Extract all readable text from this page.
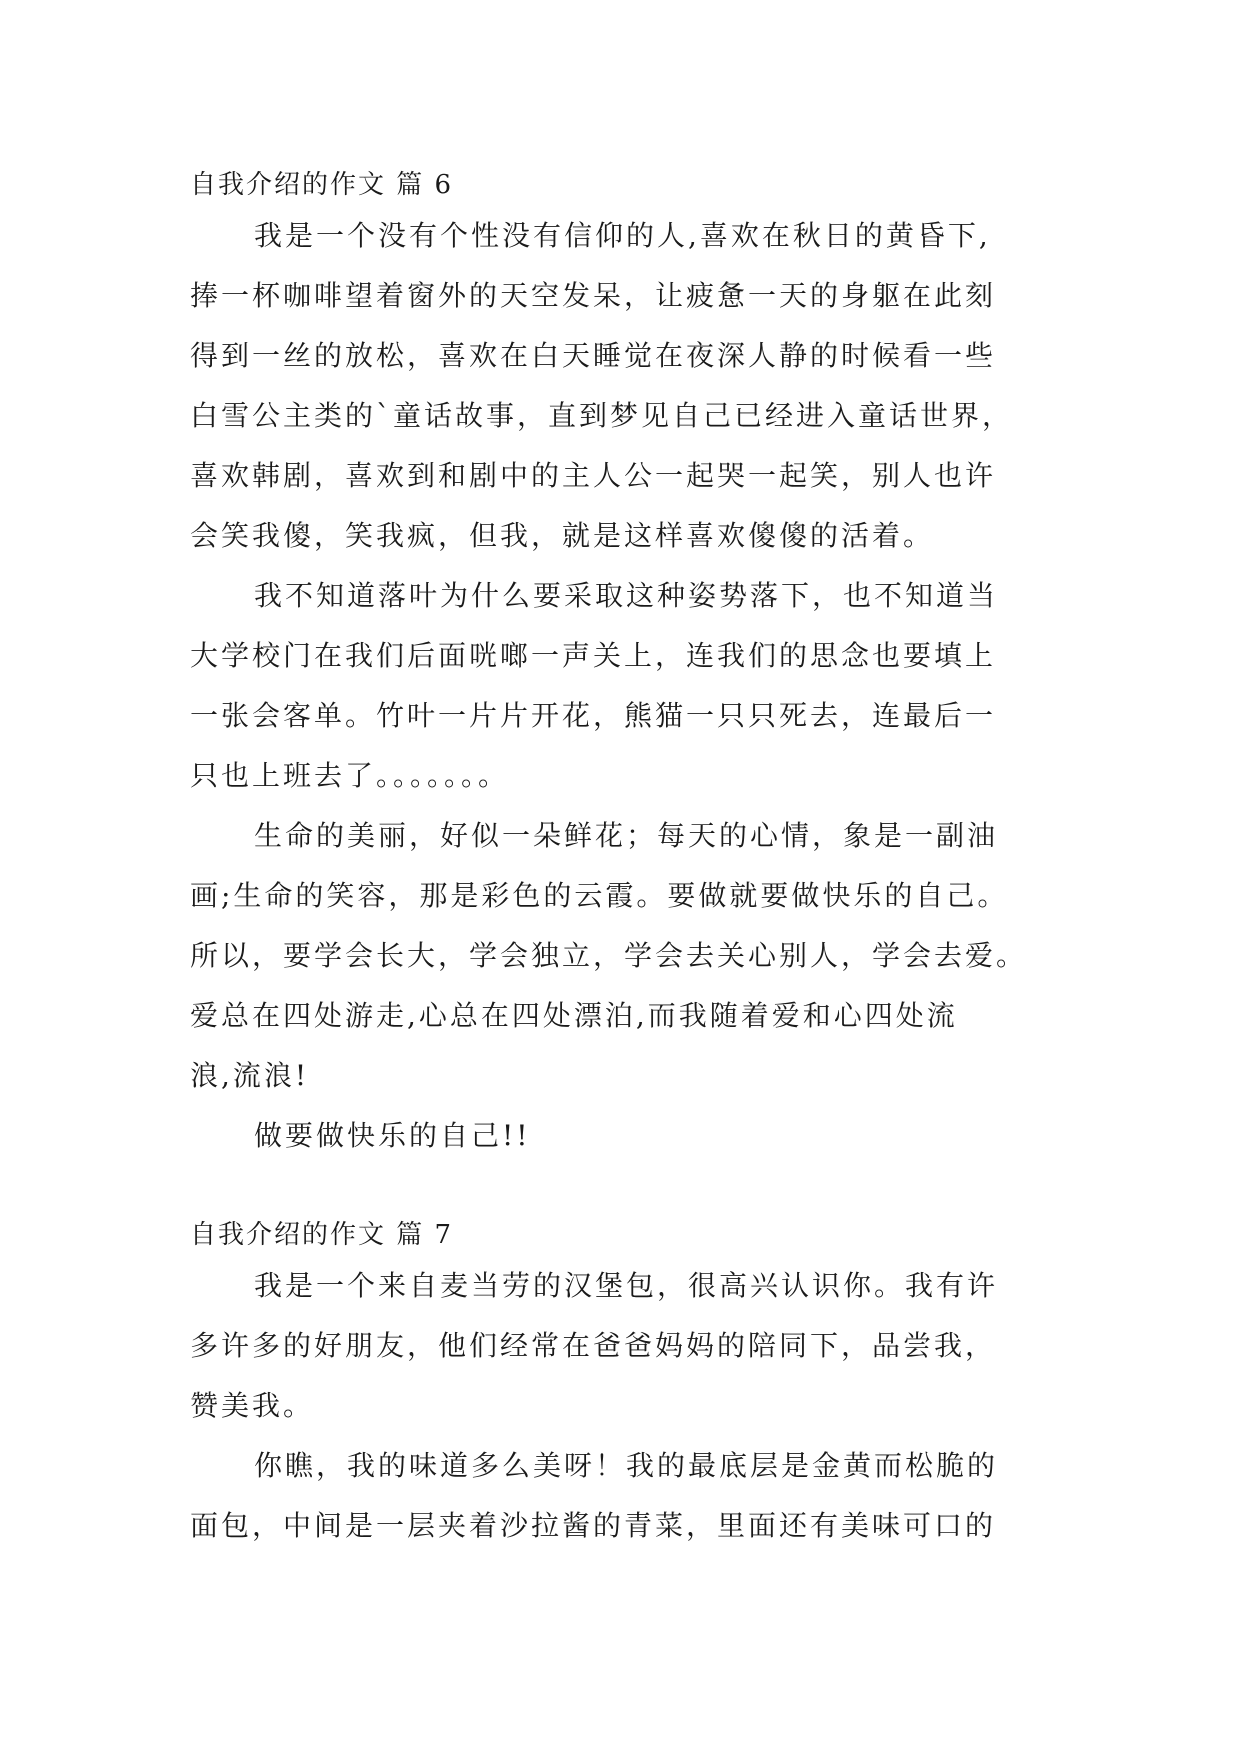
自我介绍的作文 篇 6
我是一个没有个性没有信仰的人,喜欢在秋日的黄昏下,
捧一杯咖啡望着窗外的天空发呆，让疲惫一天的身躯在此刻
得到一丝的放松，喜欢在白天睡觉在夜深人静的时候看一些
白雪公主类的`童话故事，直到梦见自己已经进入童话世界，
喜欢韩剧，喜欢到和剧中的主人公一起哭一起笑，别人也许
会笑我傻，笑我疯，但我，就是这样喜欢傻傻的活着。
我不知道落叶为什么要采取这种姿势落下，也不知道当
大学校门在我们后面咣啷一声关上，连我们的思念也要填上
一张会客单。竹叶一片片开花，熊猫一只只死去，连最后一
只也上班去了。。。。。。。
生命的美丽，好似一朵鲜花；每天的心情，象是一副油
画;生命的笑容，那是彩色的云霞。要做就要做快乐的自己。
所以，要学会长大，学会独立，学会去关心别人，学会去爱。
爱总在四处游走,心总在四处漂泊,而我随着爱和心四处流
浪,流浪!
做要做快乐的自己!!
自我介绍的作文 篇 7
我是一个来自麦当劳的汉堡包，很高兴认识你。我有许
多许多的好朋友，他们经常在爸爸妈妈的陪同下，品尝我，
赞美我。
你瞧，我的味道多么美呀！我的最底层是金黄而松脆的
面包，中间是一层夹着沙拉酱的青菜，里面还有美味可口的
